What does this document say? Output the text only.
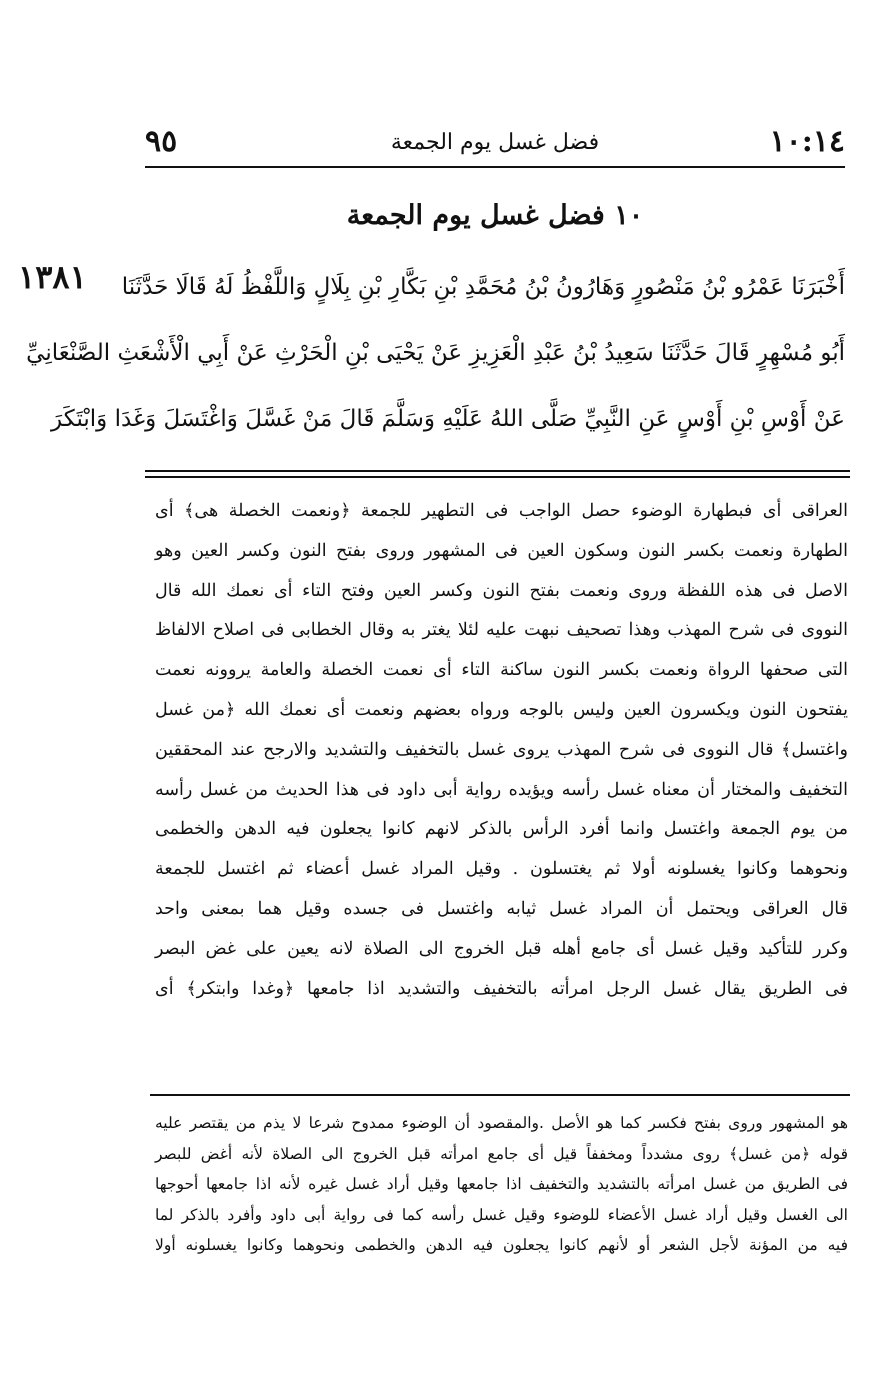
١٠:١٤
فضل غسل يوم الجمعة
٩٥
١٠ فضل غسل يوم الجمعة
١٣٨١ أَخْبَرَنَا عَمْرُو بْنُ مَنْصُورٍ وَهَارُونُ بْنُ مُحَمَّدِ بْنِ بَكَّارِ بْنِ بِلَالٍ وَاللَّفْظُ لَهُ قَالَا حَدَّثَنَا
أَبُو مُسْهِرٍ قَالَ حَدَّثَنَا سَعِيدُ بْنُ عَبْدِ الْعَزِيزِ عَنْ يَحْيَى بْنِ الْحَرْثِ عَنْ أَبِي الْأَشْعَثِ الصَّنْعَانِيِّ
عَنْ أَوْسِ بْنِ أَوْسٍ عَنِ النَّبِيِّ صَلَّى اللهُ عَلَيْهِ وَسَلَّمَ قَالَ مَنْ غَسَّلَ وَاغْتَسَلَ وَغَدَا وَابْتَكَرَ
العراقى أى فبطهارة الوضوء حصل الواجب فى التطهير للجمعة ﴿ونعمت الخصلة هى﴾ أى
الطهارة ونعمت بكسر النون وسكون العين فى المشهور وروى بفتح النون وكسر العين وهو
الاصل فى هذه اللفظة وروى ونعمت بفتح النون وكسر العين وفتح التاء أى نعمك الله قال
النووى فى شرح المهذب وهذا تصحيف نبهت عليه لئلا يغتر به وقال الخطابى فى اصلاح الالفاظ
التى صحفها الرواة ونعمت بكسر النون ساكنة التاء أى نعمت الخصلة والعامة يروونه نعمت
يفتحون النون ويكسرون العين وليس بالوجه ورواه بعضهم ونعمت أى نعمك الله ﴿من غسل
واغتسل﴾ قال النووى فى شرح المهذب يروى غسل بالتخفيف والتشديد والارجح عند المحققين
التخفيف والمختار أن معناه غسل رأسه ويؤيده رواية أبى داود فى هذا الحديث من غسل رأسه
من يوم الجمعة واغتسل وانما أفرد الرأس بالذكر لانهم كانوا يجعلون فيه الدهن والخطمى
ونحوهما وكانوا يغسلونه أولا ثم يغتسلون . وقيل المراد غسل أعضاء ثم اغتسل للجمعة
قال العراقى ويحتمل أن المراد غسل ثيابه واغتسل فى جسده وقيل هما بمعنى واحد
وكرر للتأكيد وقيل غسل أى جامع أهله قبل الخروج الى الصلاة لانه يعين على غض البصر
فى الطريق يقال غسل الرجل امرأته بالتخفيف والتشديد اذا جامعها ﴿وغدا وابتكر﴾ أى
هو المشهور وروى بفتح فكسر كما هو الأصل .والمقصود أن الوضوء ممدوح شرعا لا يذم من يقتصر عليه
قوله ﴿من غسل﴾ روى مشدداً ومخففاً قيل أى جامع امرأته قبل الخروج الى الصلاة لأنه أغض للبصر
فى الطريق من غسل امرأته بالتشديد والتخفيف اذا جامعها وقيل أراد غسل غيره لأنه اذا جامعها أحوجها
الى الغسل وقيل أراد غسل الأعضاء للوضوء وقيل غسل رأسه كما فى رواية أبى داود وأفرد بالذكر لما
فيه من المؤنة لأجل الشعر أو لأنهم كانوا يجعلون فيه الدهن والخطمى ونحوهما وكانوا يغسلونه أولا
